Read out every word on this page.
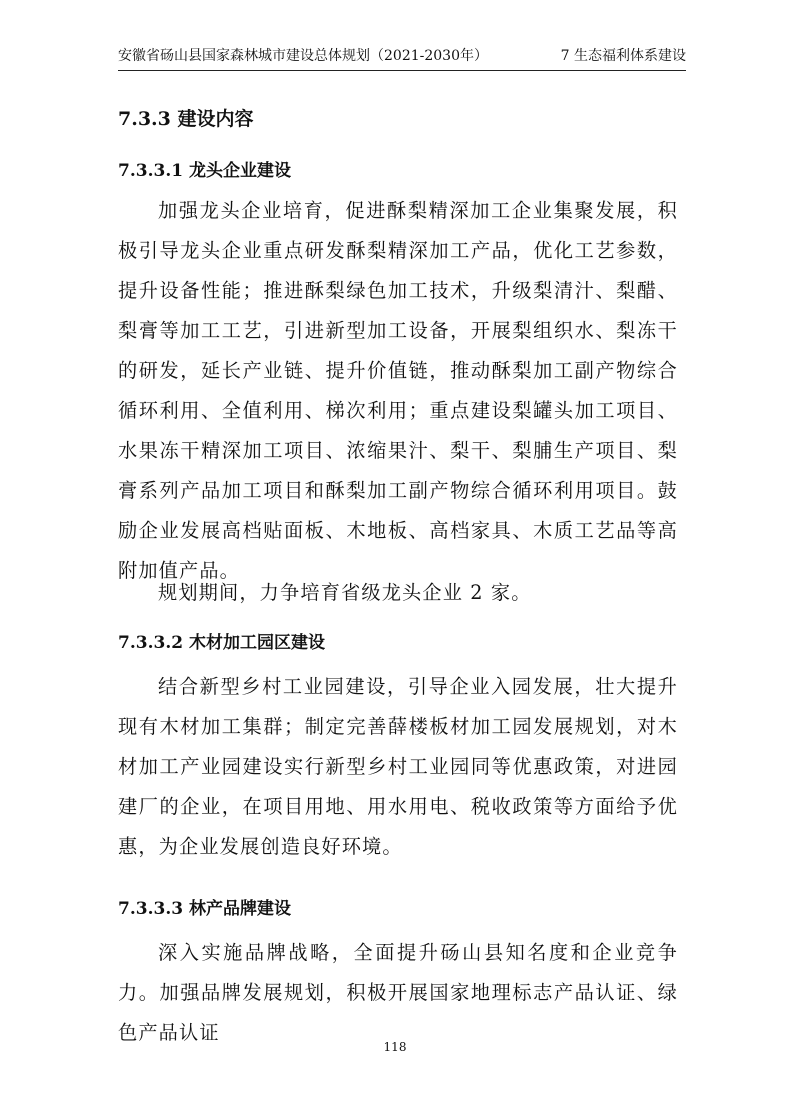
安徽省砀山县国家森林城市建设总体规划（2021-2030年）	7 生态福利体系建设
7.3.3 建设内容
7.3.3.1 龙头企业建设

加强龙头企业培育，促进酥梨精深加工企业集聚发展，积极引导龙头企业重点研发酥梨精深加工产品，优化工艺参数，提升设备性能；推进酥梨绿色加工技术，升级梨清汁、梨醋、梨膏等加工工艺，引进新型加工设备，开展梨组织水、梨冻干的研发，延长产业链、提升价值链，推动酥梨加工副产物综合循环利用、全值利用、梯次利用；重点建设梨罐头加工项目、水果冻干精深加工项目、浓缩果汁、梨干、梨脯生产项目、梨膏系列产品加工项目和酥梨加工副产物综合循环利用项目。鼓励企业发展高档贴面板、木地板、高档家具、木质工艺品等高附加值产品。

规划期间，力争培育省级龙头企业 2 家。

7.3.3.2 木材加工园区建设

结合新型乡村工业园建设，引导企业入园发展，壮大提升现有木材加工集群；制定完善薛楼板材加工园发展规划，对木材加工产业园建设实行新型乡村工业园同等优惠政策，对进园建厂的企业，在项目用地、用水用电、税收政策等方面给予优惠，为企业发展创造良好环境。

7.3.3.3 林产品牌建设

深入实施品牌战略，全面提升砀山县知名度和企业竞争力。加强品牌发展规划，积极开展国家地理标志产品认证、绿色产品认证

118
